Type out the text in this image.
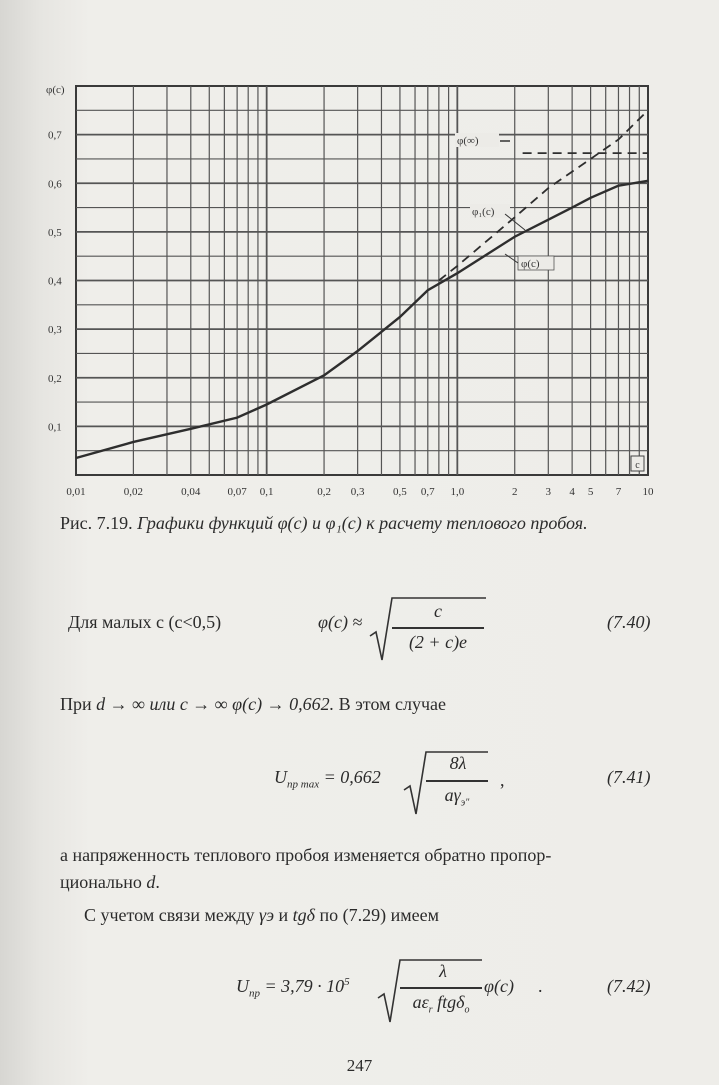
φ(c)
0,1
0,2
0,3
0,4
0,5
0,6
0,7
0,01	0,02	0,04 0,07 0,1	0,2 0,3	0,5 0,7 1,0	2	3 4 5 7 10
c
φ(∞)
φ₁(c)
φ(c)
Рис. 7.19. Графики функций φ(c) и φ₁(c) к расчету теплового пробоя.
Для малых c (c<0,5)	φ(c) ≈
c
(2 + c)e
(7.40)
При d → ∞ или c → ∞ φ(c) → 0,662. В этом случае
$U_{пр max} = 0,662$
8λ
$a\gamma_{э"}$
,	(7.41)
а напряженность теплового пробоя изменяется обратно пропор-
ционально d.
С учетом связи между γэ и tgδ по (7.29) имеем
$U_{пр} = 3,79 \cdot 10^5$
λ
$a\varepsilon_r$ ftgδ$_o$
φ(c) .	(7.42)
247
